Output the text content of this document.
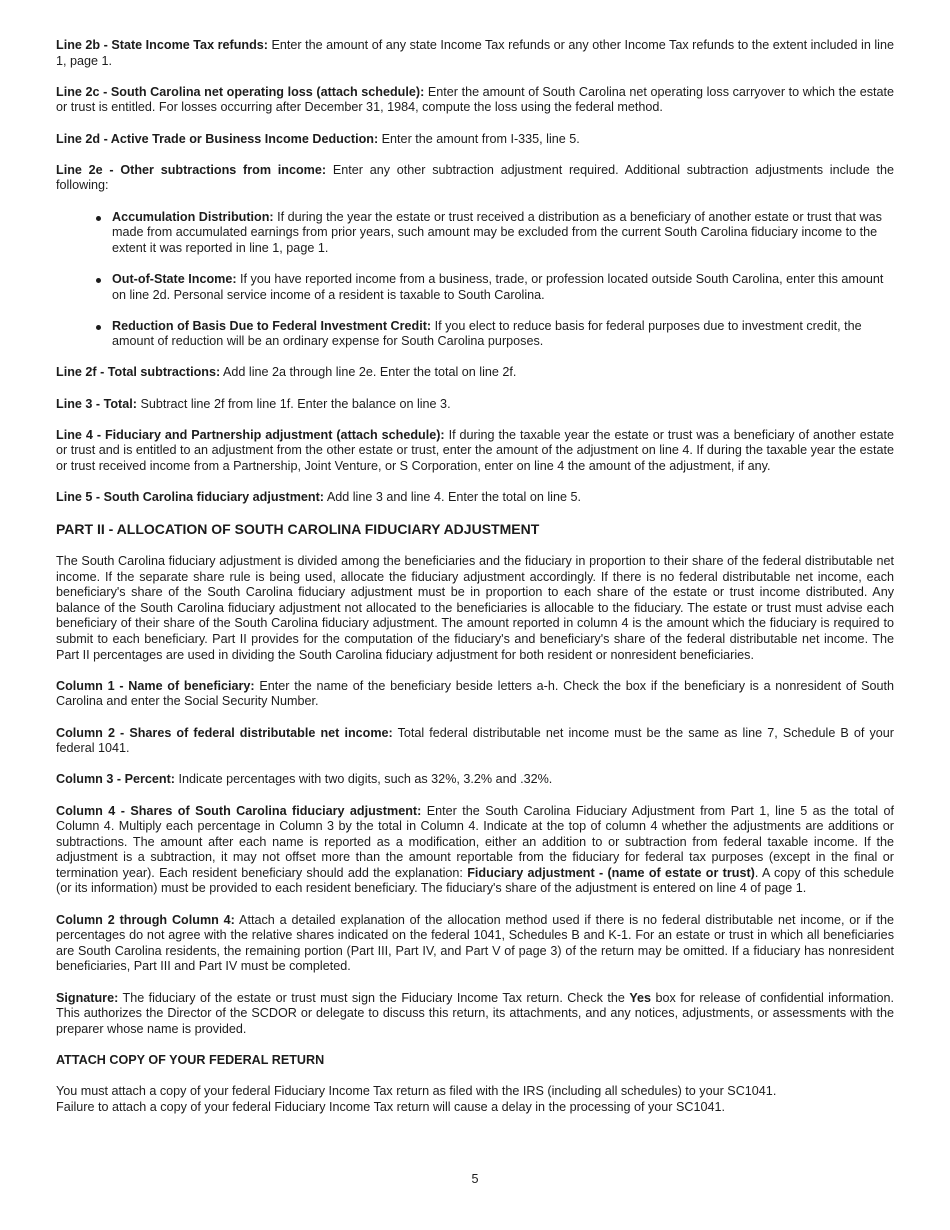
Line 2b - State Income Tax refunds: Enter the amount of any state Income Tax refunds or any other Income Tax refunds to the extent included in line 1, page 1.

Line 2c - South Carolina net operating loss (attach schedule): Enter the amount of South Carolina net operating loss carryover to which the estate or trust is entitled. For losses occurring after December 31, 1984, compute the loss using the federal method.

Line 2d - Active Trade or Business Income Deduction: Enter the amount from I-335, line 5.

Line 2e - Other subtractions from income: Enter any other subtraction adjustment required. Additional subtraction adjustments include the following:

Accumulation Distribution: If during the year the estate or trust received a distribution as a beneficiary of another estate or trust that was made from accumulated earnings from prior years, such amount may be excluded from the current South Carolina fiduciary income to the extent it was reported in line 1, page 1.
Out-of-State Income: If you have reported income from a business, trade, or profession located outside South Carolina, enter this amount on line 2d. Personal service income of a resident is taxable to South Carolina.
Reduction of Basis Due to Federal Investment Credit: If you elect to reduce basis for federal purposes due to investment credit, the amount of reduction will be an ordinary expense for South Carolina purposes.

Line 2f - Total subtractions: Add line 2a through line 2e. Enter the total on line 2f.

Line 3 - Total: Subtract line 2f from line 1f. Enter the balance on line 3.

Line 4 - Fiduciary and Partnership adjustment (attach schedule): If during the taxable year the estate or trust was a beneficiary of another estate or trust and is entitled to an adjustment from the other estate or trust, enter the amount of the adjustment on line 4. If during the taxable year the estate or trust received income from a Partnership, Joint Venture, or S Corporation, enter on line 4 the amount of the adjustment, if any.

Line 5 - South Carolina fiduciary adjustment: Add line 3 and line 4. Enter the total on line 5.

PART II - ALLOCATION OF SOUTH CAROLINA FIDUCIARY ADJUSTMENT

The South Carolina fiduciary adjustment is divided among the beneficiaries and the fiduciary in proportion to their share of the federal distributable net income. If the separate share rule is being used, allocate the fiduciary adjustment accordingly. If there is no federal distributable net income, each beneficiary's share of the South Carolina fiduciary adjustment must be in proportion to each share of the estate or trust income distributed. Any balance of the South Carolina fiduciary adjustment not allocated to the beneficiaries is allocable to the fiduciary. The estate or trust must advise each beneficiary of their share of the South Carolina fiduciary adjustment. The amount reported in column 4 is the amount which the fiduciary is required to submit to each beneficiary. Part II provides for the computation of the fiduciary's and beneficiary's share of the federal distributable net income. The Part II percentages are used in dividing the South Carolina fiduciary adjustment for both resident or nonresident beneficiaries.

Column 1 - Name of beneficiary: Enter the name of the beneficiary beside letters a-h. Check the box if the beneficiary is a nonresident of South Carolina and enter the Social Security Number.

Column 2 - Shares of federal distributable net income: Total federal distributable net income must be the same as line 7, Schedule B of your federal 1041.

Column 3 - Percent: Indicate percentages with two digits, such as 32%, 3.2% and .32%.

Column 4 - Shares of South Carolina fiduciary adjustment: Enter the South Carolina Fiduciary Adjustment from Part 1, line 5 as the total of Column 4. Multiply each percentage in Column 3 by the total in Column 4. Indicate at the top of column 4 whether the adjustments are additions or subtractions. The amount after each name is reported as a modification, either an addition to or subtraction from federal taxable income. If the adjustment is a subtraction, it may not offset more than the amount reportable from the fiduciary for federal tax purposes (except in the final or termination year). Each resident beneficiary should add the explanation: Fiduciary adjustment - (name of estate or trust). A copy of this schedule (or its information) must be provided to each resident beneficiary. The fiduciary's share of the adjustment is entered on line 4 of page 1.

Column 2 through Column 4: Attach a detailed explanation of the allocation method used if there is no federal distributable net income, or if the percentages do not agree with the relative shares indicated on the federal 1041, Schedules B and K-1. For an estate or trust in which all beneficiaries are South Carolina residents, the remaining portion (Part III, Part IV, and Part V of page 3) of the return may be omitted. If a fiduciary has nonresident beneficiaries, Part III and Part IV must be completed.

Signature: The fiduciary of the estate or trust must sign the Fiduciary Income Tax return. Check the Yes box for release of confidential information. This authorizes the Director of the SCDOR or delegate to discuss this return, its attachments, and any notices, adjustments, or assessments with the preparer whose name is provided.

ATTACH COPY OF YOUR FEDERAL RETURN

You must attach a copy of your federal Fiduciary Income Tax return as filed with the IRS (including all schedules) to your SC1041.

Failure to attach a copy of your federal Fiduciary Income Tax return will cause a delay in the processing of your SC1041.

5
